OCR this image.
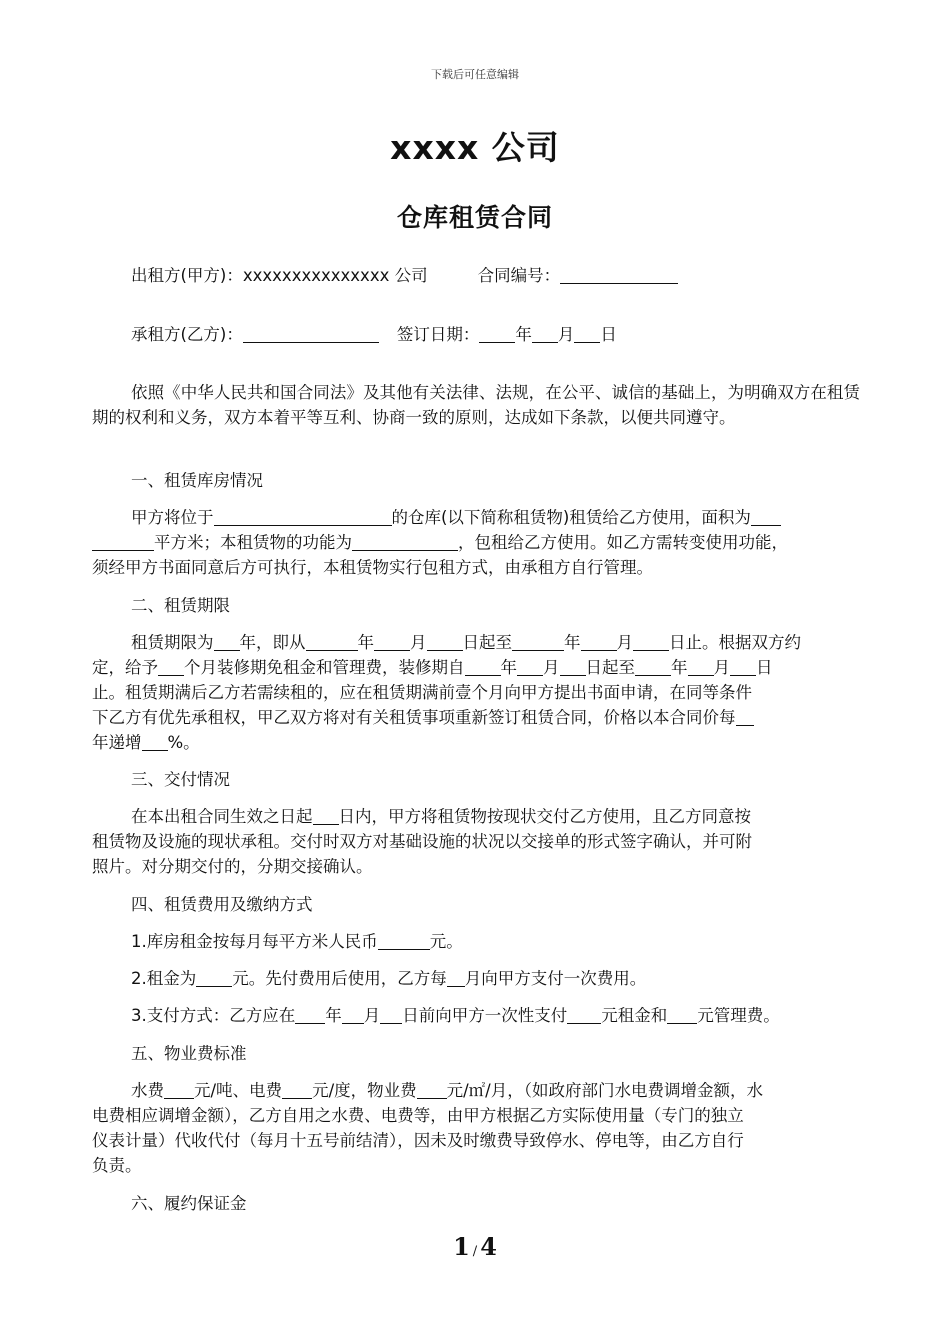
下载后可任意编辑
xxxx 公司
仓库租赁合同
出租方(甲方)：xxxxxxxxxxxxxxx 公司	合同编号：
承租方(乙方)：	签订日期： 年 月 日
依照《中华人民共和国合同法》及其他有关法律、法规，在公平、诚信的基础上，为明确双方在租赁期的权利和义务，双方本着平等互利、协商一致的原则，达成如下条款，以便共同遵守。
一、租赁库房情况
甲方将位于	的仓库(以下简称租赁物)租赁给乙方使用，面积为
平方米；本租赁物的功能为	，包租给乙方使用。如乙方需转变使用功能，
须经甲方书面同意后方可执行，本租赁物实行包租方式，由承租方自行管理。
二、租赁期限
租赁期限为 年，即从	年 月 日起至	年 月 日止。根据双方约
定，给予 个月装修期免租金和管理费，装修期自 年 月 日起至 年 月 日
止。租赁期满后乙方若需续租的，应在租赁期满前壹个月向甲方提出书面申请，在同等条件
下乙方有优先承租权，甲乙双方将对有关租赁事项重新签订租赁合同，价格以本合同价每
年递增 %。
三、交付情况
在本出租合同生效之日起 日内，甲方将租赁物按现状交付乙方使用，且乙方同意按
租赁物及设施的现状承租。交付时双方对基础设施的状况以交接单的形式签字确认，并可附
照片。对分期交付的，分期交接确认。
四、租赁费用及缴纳方式
1.库房租金按每月每平方米人民币	元。
2.租金为 元。先付费用后使用，乙方每 月向甲方支付一次费用。
3.支付方式：乙方应在 年 月 日前向甲方一次性支付 元租金和 元管理费。
五、物业费标准
水费 元/吨、电费 元/度，物业费 元/㎡/月，（如政府部门水电费调增金额，水
电费相应调增金额），乙方自用之水费、电费等，由甲方根据乙方实际使用量（专门的独立
仪表计量）代收代付（每月十五号前结清），因未及时缴费导致停水、停电等，由乙方自行
负责。
六、履约保证金
1 / 4
